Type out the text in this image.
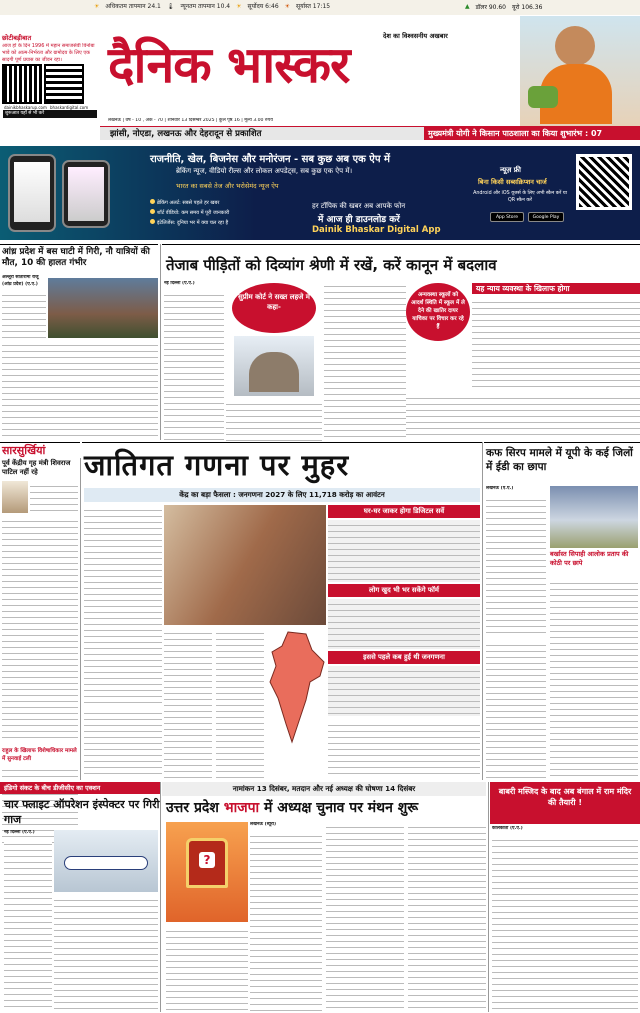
छोटीबड़ीबात
☀ अधिकतम तापमान 24.1 🌡 न्यूनतम तापमान 10.4 ☀ सूर्योदय 6:46 ☀ सूर्यास्त 17:15	▲ डॉलर 90.60 यूरो 106.36
आज हो के दिन 1996 में महान समाजसेवी विनोबा भावे को आत्म-निर्भरता और ग्रामोदय के लिए एक सादगी पूर्ण प्रयास का जीवन रहा।
dainikbhaskarup.com bhaskardigital.com
शुरूआत यहाँ से भी करें
दैनिक भास्कर	देश का विश्वसनीय अखबार
लखनऊ | वर्ष - 10 , अंक - 70 | शनिवार 13 दिसम्बर 2025 | कुल पृष्ठ 16 | मूल्य 3.00 रुपये
झांसी, नोएडा, लखनऊ और देहरादून से प्रकाशित	मुख्यमंत्री योगी ने किसान पाठशाला का किया शुभारंभ : 07
राजनीति, खेल, बिजनेस और मनोरंजन - सब कुछ अब एक ऐप में
ब्रेकिंग न्यूज, वीडियो रील्स और लोकल अपडेट्स, सब कुछ एक ऐप में।
भारत का सबसे तेज और भरोसेमंद न्यूज ऐप
ब्रेकिंग अलर्ट: सबसे पहले हर खबर
शॉर्ट वीडियो: कम समय में पूरी जानकारी
इंटेलिजेंस: दुनिया भर में क्या चल रहा है
हर टॉपिक की खबर अब आपके फोन
में आज ही डाउनलोड करें
Dainik Bhaskar Digital App
न्यूज़ फ्री
बिना किसी सब्सक्रिप्शन चार्ज
Android और iOS यूजर्स के लिए अभी स्कैन करें या QR स्कैन करें
App Store	Google Play
आंध्र प्रदेश में बस घाटी में गिरी, नौ यात्रियों की मौत, 10 की हालत गंभीर
अल्लूरी सीतारामा राजू (आंध्र प्रदेश) (ए.ए.)
तेजाब पीड़ितों को दिव्यांग श्रेणी में रखें, करें कानून में बदलाव
नई दिल्ली (ए.ए.)
सुप्रीम कोर्ट ने सख्त लहजे में कहा-
अन्यवस्था स्कूलों को आदर्श स्थिति में स्कूल में ले देने की खातिर दायर याचिका पर विचार कर रहे हैं
यह न्याय व्यवस्था के खिलाफ होगा
सारसुर्खियां
पूर्व केंद्रीय गृह मंत्री शिवराज पाटिल नहीं रहे
राहुल के खिलाफ विशेषाधिकार मामले में सुनवाई टली
जातिगत गणना पर मुहर
केंद्र का बड़ा फैसला : जनगणना 2027 के लिए 11,718 करोड़ का आवंटन
घर-घर जाकर होगा डिजिटल सर्वे
लोग खुद भी भर सकेंगे फॉर्म
इससे पहले कब हुई थी जनगणना
कफ सिरप मामले में यूपी के कई जिलों में ईडी का छापा
लखनऊ (ए.ए.)
बर्खास्त सिपाही आलोक प्रताप की कोठी पर छापे
इंडिगो संकट के बीच डीजीसीए का एक्शन
चार फ्लाइट ऑपरेशन इंस्पेक्टर पर गिरी गाज
नई दिल्ली (ए.ए.)
नामांकन 13 दिसंबर, मतदान और नई अध्यक्ष की घोषणा 14 दिसंबर
उत्तर प्रदेश भाजपा में अध्यक्ष चुनाव पर मंथन शुरू
?
लखनऊ (ब्यूरो)
बाबरी मस्जिद के बाद अब बंगाल में राम मंदिर की तैयारी !
कोलकाता (ए.ए.)
